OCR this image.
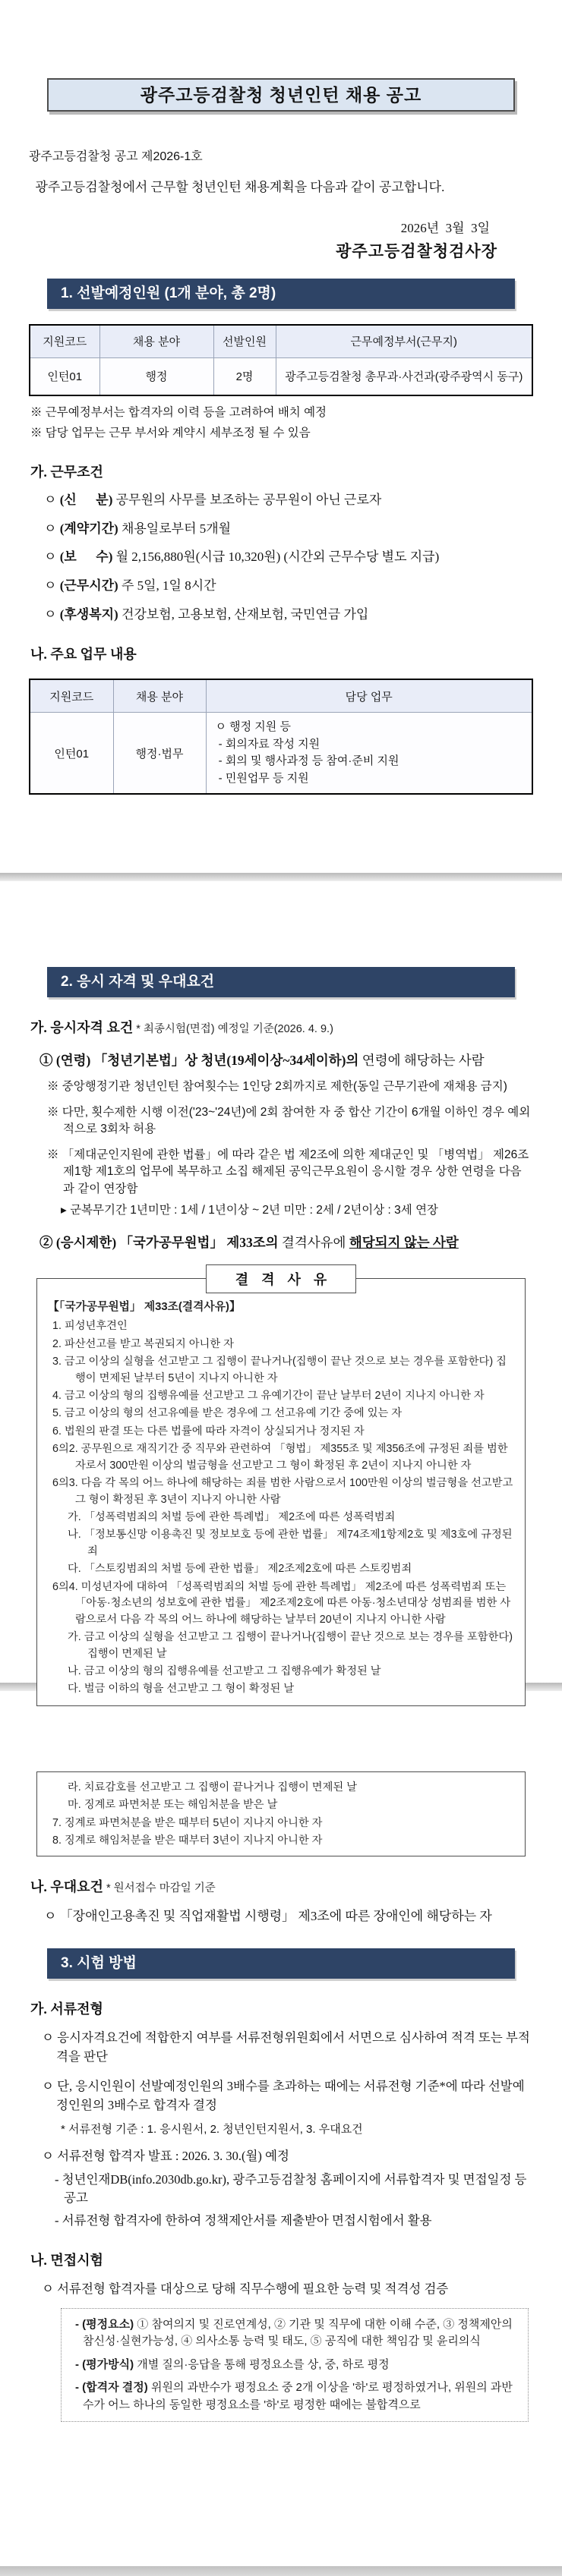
광주고등검찰청 청년인턴 채용 공고
광주고등검찰청 공고 제2026-1호
광주고등검찰청에서 근무할 청년인턴 채용계획을 다음과 같이 공고합니다.
2026년  3월  3일
광주고등검찰청검사장
1. 선발예정인원 (1개 분야, 총 2명)
지원코드	채용 분야	선발인원	근무예정부서(근무지)
인턴01	행정	2명	광주고등검찰청 총무과·사건과(광주광역시 동구)
※ 근무예정부서는 합격자의 이력 등을 고려하여 배치 예정
※ 담당 업무는 근무 부서와 계약시 세부조정 될 수 있음
가. 근무조건
ㅇ (신      분) 공무원의 사무를 보조하는 공무원이 아닌 근로자
ㅇ (계약기간) 채용일로부터 5개월
ㅇ (보      수) 월 2,156,880원(시급 10,320원) (시간외 근무수당 별도 지급)
ㅇ (근무시간) 주 5일, 1일 8시간
ㅇ (후생복지) 건강보험, 고용보험, 산재보험, 국민연금 가입
나. 주요 업무 내용
지원코드	채용 분야	담당 업무
인턴01	행정·법무	ㅇ 행정 지원 등
- 회의자료 작성 지원
- 회의 및 행사과정 등 참여·준비 지원
- 민원업무 등 지원
2. 응시 자격 및 우대요건
가. 응시자격 요건 * 최종시험(면접) 예정일 기준(2026. 4. 9.)
① (연령) 「청년기본법」상 청년(19세이상~34세이하)의 연령에 해당하는 사람
※ 중앙행정기관 청년인턴 참여횟수는 1인당 2회까지로 제한(동일 근무기관에 재채용 금지)
※ 다만, 횟수제한 시행 이전('23~'24년)에 2회 참여한 자 중 합산 기간이 6개월 이하인 경우 예외적으로 3회차 허용
※ 「제대군인지원에 관한 법률」에 따라 같은 법 제2조에 의한 제대군인 및 「병역법」 제26조 제1항 제1호의 업무에 복무하고 소집 해제된 공익근무요원이 응시할 경우 상한 연령을 다음과 같이 연장함
▸ 군복무기간 1년미만 : 1세 / 1년이상 ~ 2년 미만 : 2세 / 2년이상 : 3세 연장
② (응시제한) 「국가공무원법」 제33조의 결격사유에 해당되지 않는 사람
결 격 사 유
【「국가공무원법」 제33조(결격사유)】
1. 피성년후견인
2. 파산선고를 받고 복권되지 아니한 자
3. 금고 이상의 실형을 선고받고 그 집행이 끝나거나(집행이 끝난 것으로 보는 경우를 포함한다) 집행이 면제된 날부터 5년이 지나지 아니한 자
4. 금고 이상의 형의 집행유예를 선고받고 그 유예기간이 끝난 날부터 2년이 지나지 아니한 자
5. 금고 이상의 형의 선고유예를 받은 경우에 그 선고유예 기간 중에 있는 자
6. 법원의 판결 또는 다른 법률에 따라 자격이 상실되거나 정지된 자
6의2. 공무원으로 재직기간 중 직무와 관련하여 「형법」 제355조 및 제356조에 규정된 죄를 범한 자로서 300만원 이상의 벌금형을 선고받고 그 형이 확정된 후 2년이 지나지 아니한 자
6의3. 다음 각 목의 어느 하나에 해당하는 죄를 범한 사람으로서 100만원 이상의 벌금형을 선고받고 그 형이 확정된 후 3년이 지나지 아니한 사람
가. 「성폭력범죄의 처벌 등에 관한 특례법」 제2조에 따른 성폭력범죄
나. 「정보통신망 이용촉진 및 정보보호 등에 관한 법률」 제74조제1항제2호 및 제3호에 규정된 죄
다. 「스토킹범죄의 처벌 등에 관한 법률」 제2조제2호에 따른 스토킹범죄
6의4. 미성년자에 대하여 「성폭력범죄의 처벌 등에 관한 특례법」 제2조에 따른 성폭력범죄 또는 「아동·청소년의 성보호에 관한 법률」 제2조제2호에 따른 아동·청소년대상 성범죄를 범한 사람으로서 다음 각 목의 어느 하나에 해당하는 날부터 20년이 지나지 아니한 사람
가. 금고 이상의 실형을 선고받고 그 집행이 끝나거나(집행이 끝난 것으로 보는 경우를 포함한다) 집행이 면제된 날
나. 금고 이상의 형의 집행유예를 선고받고 그 집행유예가 확정된 날
다. 벌금 이하의 형을 선고받고 그 형이 확정된 날
라. 치료감호를 선고받고 그 집행이 끝나거나 집행이 면제된 날
마. 징계로 파면처분 또는 해임처분을 받은 날
7. 징계로 파면처분을 받은 때부터 5년이 지나지 아니한 자
8. 징계로 해임처분을 받은 때부터 3년이 지나지 아니한 자
나. 우대요건 * 원서접수 마감일 기준
ㅇ 「장애인고용촉진 및 직업재활법 시행령」 제3조에 따른 장애인에 해당하는 자
3. 시험 방법
가. 서류전형
ㅇ 응시자격요건에 적합한지 여부를 서류전형위원회에서 서면으로 심사하여 적격 또는 부적격을 판단
ㅇ 단, 응시인원이 선발예정인원의 3배수를 초과하는 때에는 서류전형 기준*에 따라 선발예정인원의 3배수로 합격자 결정
* 서류전형 기준 : 1. 응시원서, 2. 청년인턴지원서, 3. 우대요건
ㅇ 서류전형 합격자 발표 : 2026. 3. 30.(월) 예정
- 청년인재DB(info.2030db.go.kr), 광주고등검찰청 홈페이지에 서류합격자 및 면접일정 등 공고
- 서류전형 합격자에 한하여 정책제안서를 제출받아 면접시험에서 활용
나. 면접시험
ㅇ 서류전형 합격자를 대상으로 당해 직무수행에 필요한 능력 및 적격성 검증
- (평정요소) ① 참여의지 및 진로연계성, ② 기관 및 직무에 대한 이해 수준, ③ 정책제안의 참신성·실현가능성, ④ 의사소통 능력 및 태도, ⑤ 공직에 대한 책임감 및 윤리의식
- (평가방식) 개별 질의·응답을 통해 평정요소를 상, 중, 하로 평정
- (합격자 결정) 위원의 과반수가 평정요소 중 2개 이상을 '하'로 평정하였거나, 위원의 과반수가 어느 하나의 동일한 평정요소를 '하'로 평정한 때에는 불합격으로
